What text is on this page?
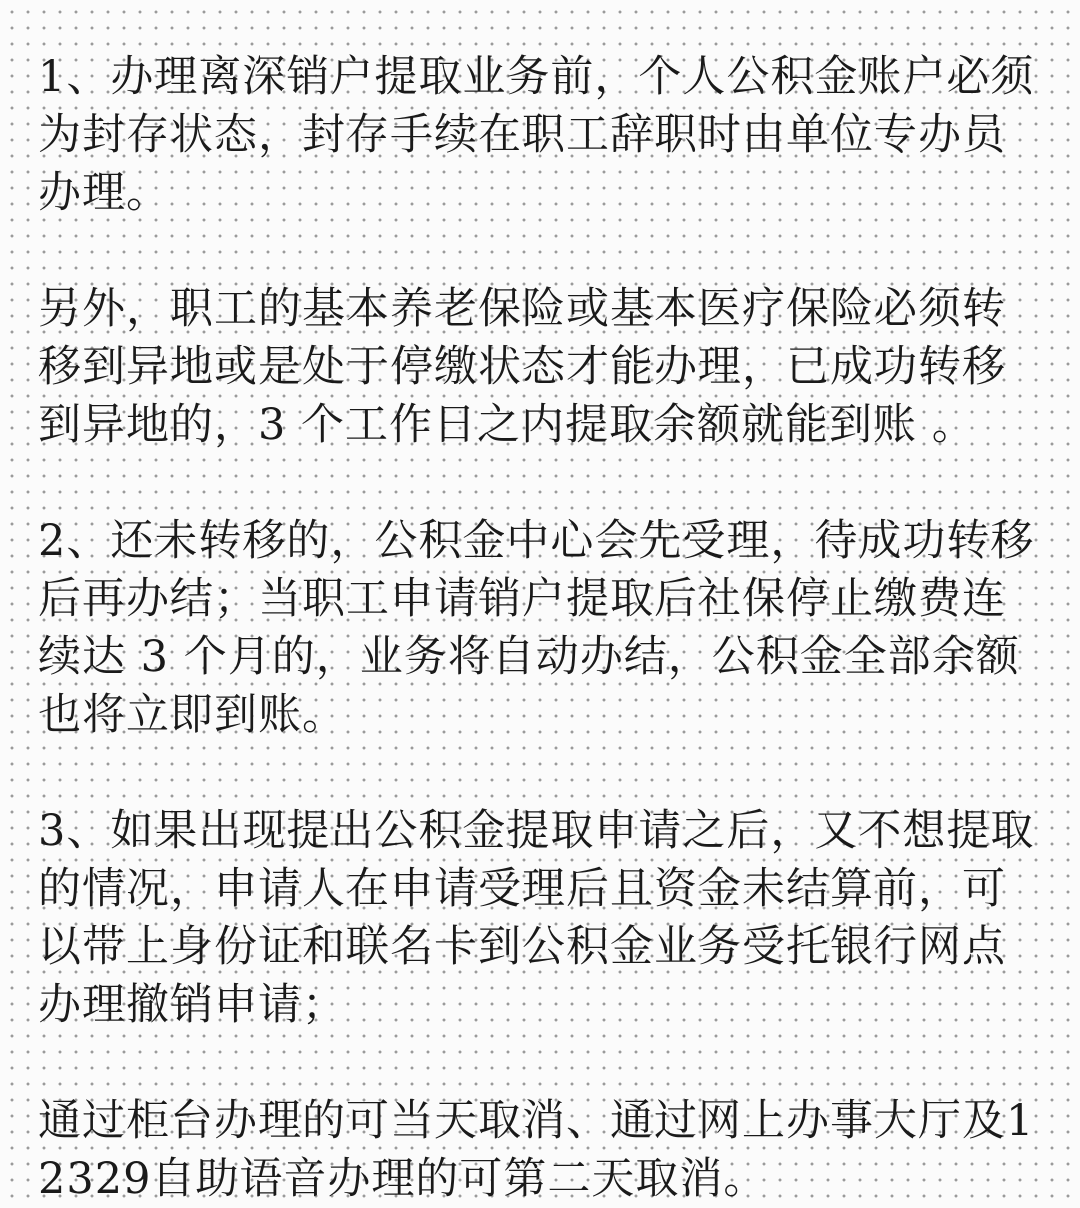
1、办理离深销户提取业务前，个人公积金账户必须为封存状态，封存手续在职工辞职时由单位专办员办理。

另外，职工的基本养老保险或基本医疗保险必须转移到异地或是处于停缴状态才能办理，已成功转移到异地的，3 个工作日之内提取余额就能到账 。

2、还未转移的，公积金中心会先受理，待成功转移后再办结；当职工申请销户提取后社保停止缴费连续达 3 个月的，业务将自动办结，公积金全部余额也将立即到账。

3、如果出现提出公积金提取申请之后，又不想提取的情况，申请人在申请受理后且资金未结算前，可以带上身份证和联名卡到公积金业务受托银行网点办理撤销申请；

通过柜台办理的可当天取消、通过网上办事大厅及12329自助语音办理的可第二天取消。
